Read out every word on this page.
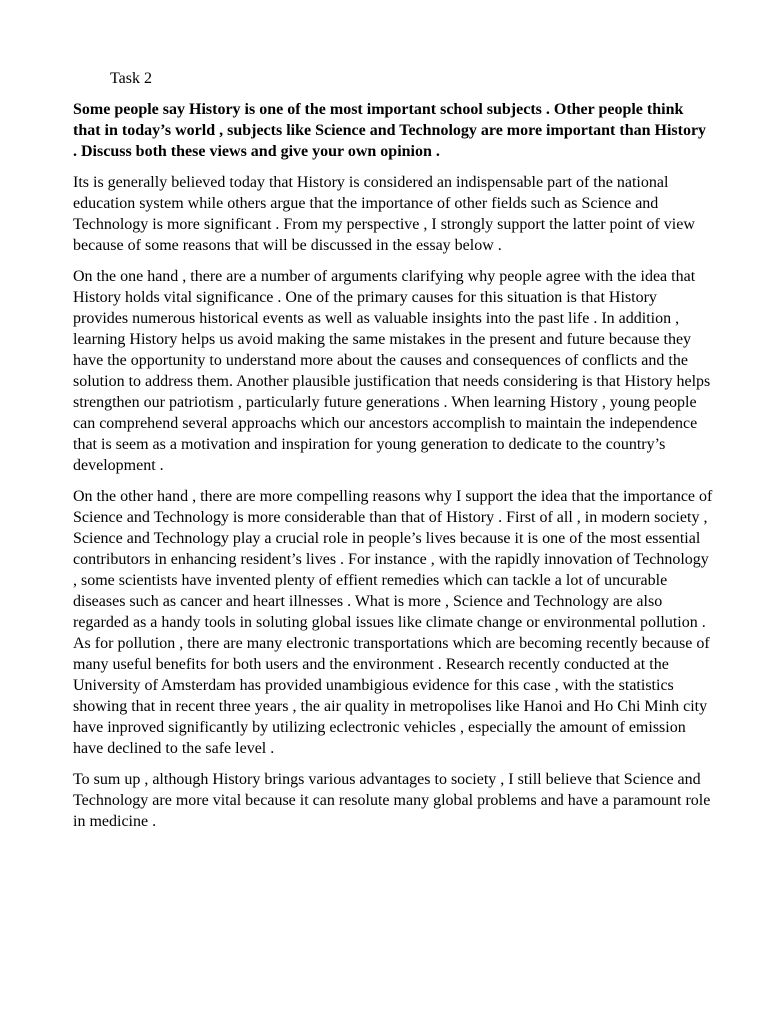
Task 2
Some people say History is one of the most important school subjects . Other people think that in today’s world , subjects like Science and Technology are more important than History . Discuss both these views and give your own opinion .
Its is generally believed today that History is considered an indispensable part of the national education system while others argue that the importance of other fields such as Science and Technology is more significant . From my perspective , I strongly support the latter point of view because of some reasons that will be discussed in the essay below .
On the one hand , there are a number of arguments clarifying why people agree with the idea that History holds vital significance . One of the primary causes for this situation is that History provides numerous historical events as well as valuable insights into the past life . In addition , learning History helps us avoid making the same mistakes in the present and future because they have the opportunity to understand more about the causes and consequences of conflicts and the solution to address them. Another plausible justification that needs considering is that History helps strengthen our patriotism , particularly future generations . When learning History , young people can comprehend several approachs which our ancestors accomplish to maintain the independence that is seem as a motivation and inspiration for young generation to dedicate to the country’s development .
On the other hand , there are more compelling reasons why I support the idea that the importance of Science and Technology is more considerable than that of History . First of all , in modern society , Science and Technology play a crucial role in people’s lives because it is one of the most essential contributors in enhancing resident’s lives . For instance , with the rapidly innovation of Technology , some scientists have invented plenty of effient remedies which can tackle a lot of uncurable diseases such as cancer and heart illnesses . What is more , Science and Technology are also regarded as a handy tools in soluting global issues like climate change or environmental pollution . As for pollution , there are many electronic transportations which are becoming recently because of many useful benefits for both users and the environment . Research recently conducted at the University of Amsterdam has provided unambigious evidence for this case , with the statistics showing that in recent three years , the air quality in metropolises like Hanoi and Ho Chi Minh city have inproved significantly by utilizing eclectronic vehicles , especially the amount of emission have declined to the safe level .
To sum up , although History brings various advantages to society , I still believe that Science and Technology are more vital because it can resolute many global problems and have a paramount role in medicine .
